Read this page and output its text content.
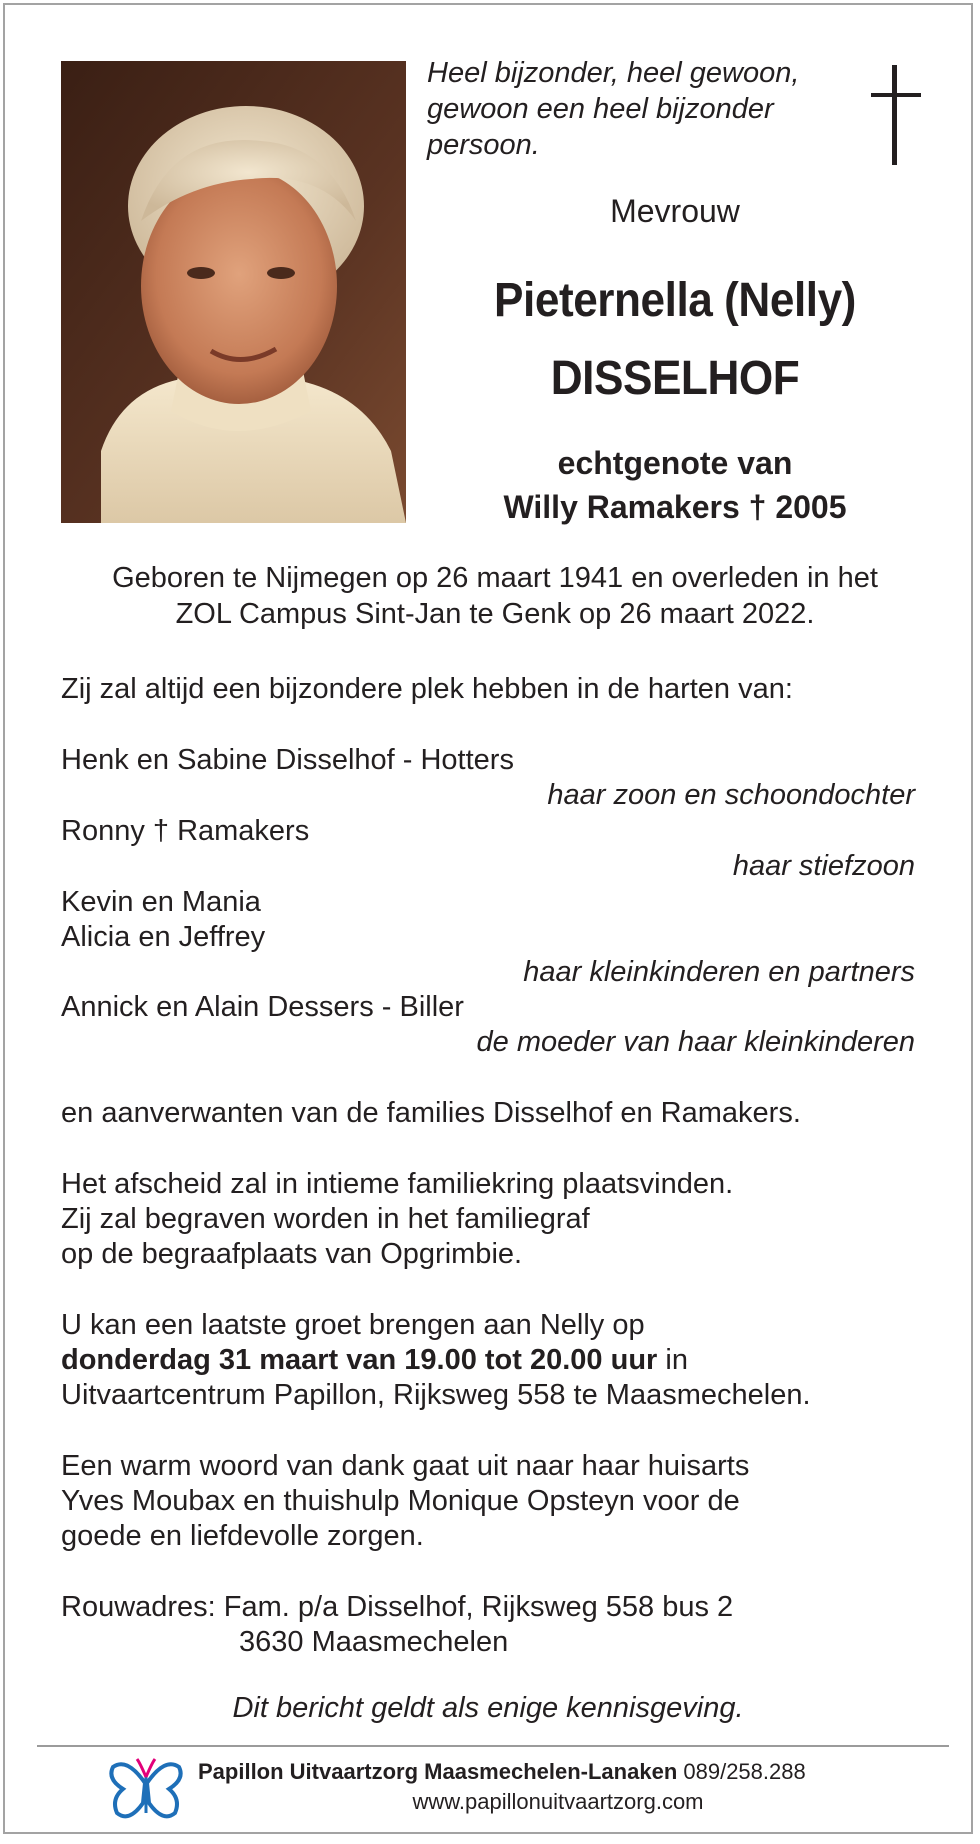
Heel bijzonder, heel gewoon,
gewoon een heel bijzonder
persoon.
Mevrouw
Pieternella (Nelly)
DISSELHOF
echtgenote van
Willy Ramakers † 2005
Geboren te Nijmegen op 26 maart 1941 en overleden in het
ZOL Campus Sint-Jan te Genk op 26 maart 2022.
Zij zal altijd een bijzondere plek hebben in de harten van:
Henk en Sabine Disselhof - Hotters
haar zoon en schoondochter
Ronny † Ramakers
haar stiefzoon
Kevin en Mania
Alicia en Jeffrey
haar kleinkinderen en partners
Annick en Alain Dessers - Biller
de moeder van haar kleinkinderen
en aanverwanten van de families Disselhof en Ramakers.
Het afscheid zal in intieme familiekring plaatsvinden.
Zij zal begraven worden in het familiegraf
op de begraafplaats van Opgrimbie.
U kan een laatste groet brengen aan Nelly op
donderdag 31 maart van 19.00 tot 20.00 uur in
Uitvaartcentrum Papillon, Rijksweg 558 te Maasmechelen.
Een warm woord van dank gaat uit naar haar huisarts
Yves Moubax en thuishulp Monique Opsteyn voor de
goede en liefdevolle zorgen.
Rouwadres: Fam. p/a Disselhof, Rijksweg 558 bus 2
3630 Maasmechelen
Dit bericht geldt als enige kennisgeving.
Papillon Uitvaartzorg Maasmechelen-Lanaken 089/258.288
www.papillonuitvaartzorg.com
